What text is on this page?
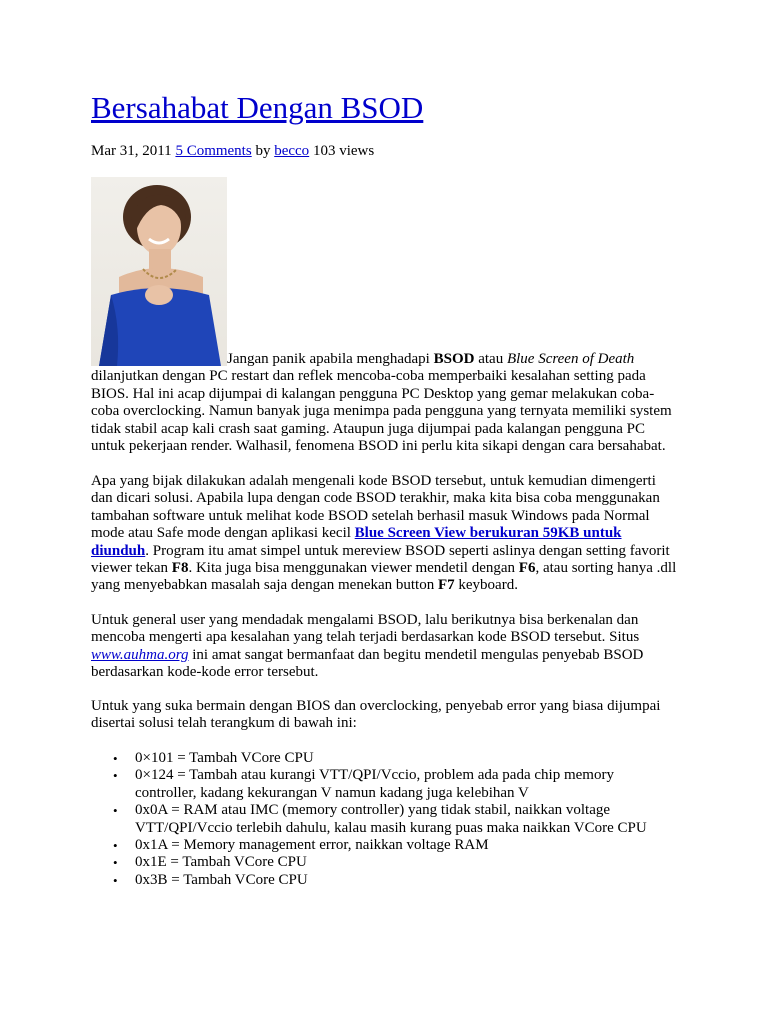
Bersahabat Dengan BSOD
Mar 31, 2011 5 Comments by becco 103 views

Jangan panik apabila menghadapi BSOD atau Blue Screen of Death dilanjutkan dengan PC restart dan reflek mencoba-coba memperbaiki kesalahan setting pada BIOS. Hal ini acap dijumpai di kalangan pengguna PC Desktop yang gemar melakukan coba-coba overclocking. Namun banyak juga menimpa pada pengguna yang ternyata memiliki system tidak stabil acap kali crash saat gaming. Ataupun juga dijumpai pada kalangan pengguna PC untuk pekerjaan render. Walhasil, fenomena BSOD ini perlu kita sikapi dengan cara bersahabat.

Apa yang bijak dilakukan adalah mengenali kode BSOD tersebut, untuk kemudian dimengerti dan dicari solusi. Apabila lupa dengan code BSOD terakhir, maka kita bisa coba menggunakan tambahan software untuk melihat kode BSOD setelah berhasil masuk Windows pada Normal mode atau Safe mode dengan aplikasi kecil Blue Screen View berukuran 59KB untuk diunduh. Program itu amat simpel untuk mereview BSOD seperti aslinya dengan setting favorit viewer tekan F8. Kita juga bisa menggunakan viewer mendetil dengan F6, atau sorting hanya .dll yang menyebabkan masalah saja dengan menekan button F7 keyboard.

Untuk general user yang mendadak mengalami BSOD, lalu berikutnya bisa berkenalan dan mencoba mengerti apa kesalahan yang telah terjadi berdasarkan kode BSOD tersebut. Situs www.auhma.org ini amat sangat bermanfaat dan begitu mendetil mengulas penyebab BSOD berdasarkan kode-kode error tersebut.

Untuk yang suka bermain dengan BIOS dan overclocking, penyebab error yang biasa dijumpai disertai solusi telah terangkum di bawah ini:

• 0×101 = Tambah VCore CPU
• 0×124 = Tambah atau kurangi VTT/QPI/Vccio, problem ada pada chip memory controller, kadang kekurangan V namun kadang juga kelebihan V
• 0x0A = RAM atau IMC (memory controller) yang tidak stabil, naikkan voltage VTT/QPI/Vccio terlebih dahulu, kalau masih kurang puas maka naikkan VCore CPU
• 0x1A = Memory management error, naikkan voltage RAM
• 0x1E = Tambah VCore CPU
• 0x3B = Tambah VCore CPU
